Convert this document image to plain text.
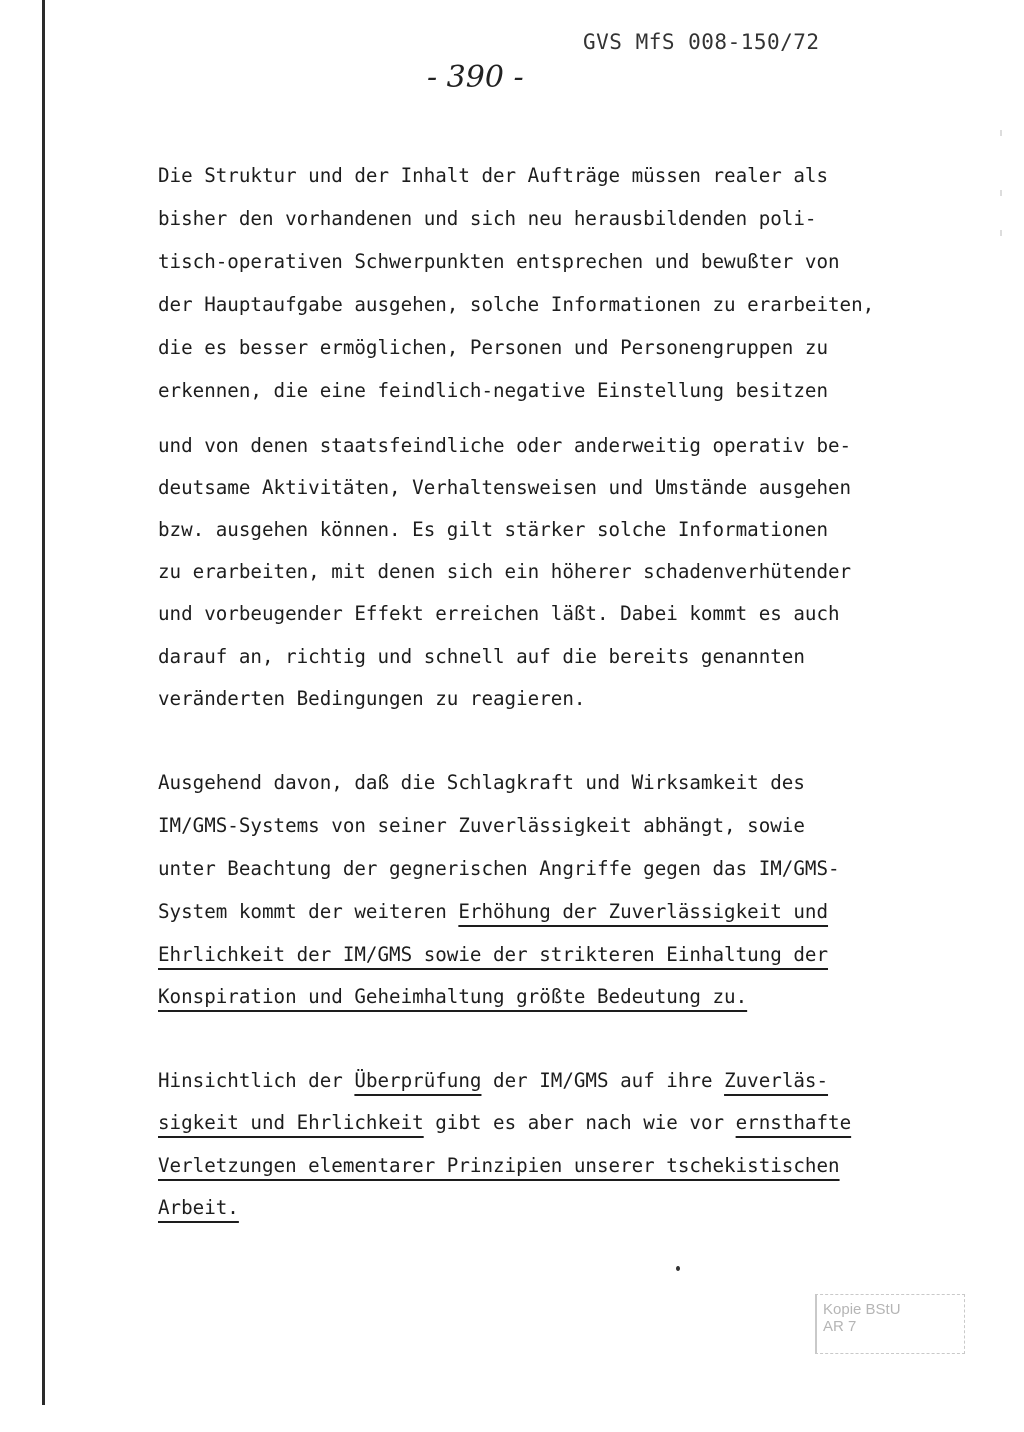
GVS MfS 008-150/72
- 390 -
Die Struktur und der Inhalt der Aufträge müssen realer als
bisher den vorhandenen und sich neu herausbildenden poli-
tisch-operativen Schwerpunkten entsprechen und bewußter von
der Hauptaufgabe ausgehen, solche Informationen zu erarbeiten,
die es besser ermöglichen, Personen und Personengruppen zu
erkennen, die eine feindlich-negative Einstellung besitzen
und von denen staatsfeindliche oder anderweitig operativ be-
deutsame Aktivitäten, Verhaltensweisen und Umstände ausgehen
bzw. ausgehen können. Es gilt stärker solche Informationen
zu erarbeiten, mit denen sich ein höherer schadenverhütender
und vorbeugender Effekt erreichen läßt. Dabei kommt es auch
darauf an, richtig und schnell auf die bereits genannten
veränderten Bedingungen zu reagieren.
Ausgehend davon, daß die Schlagkraft und Wirksamkeit des
IM/GMS-Systems von seiner Zuverlässigkeit abhängt, sowie
unter Beachtung der gegnerischen Angriffe gegen das IM/GMS-
System kommt der weiteren Erhöhung der Zuverlässigkeit und
Ehrlichkeit der IM/GMS sowie der strikteren Einhaltung der
Konspiration und Geheimhaltung größte Bedeutung zu.
Hinsichtlich der Überprüfung der IM/GMS auf ihre Zuverläs-
sigkeit und Ehrlichkeit gibt es aber nach wie vor ernsthafte
Verletzungen elementarer Prinzipien unserer tschekistischen
Arbeit.
Kopie BStU
AR 7
